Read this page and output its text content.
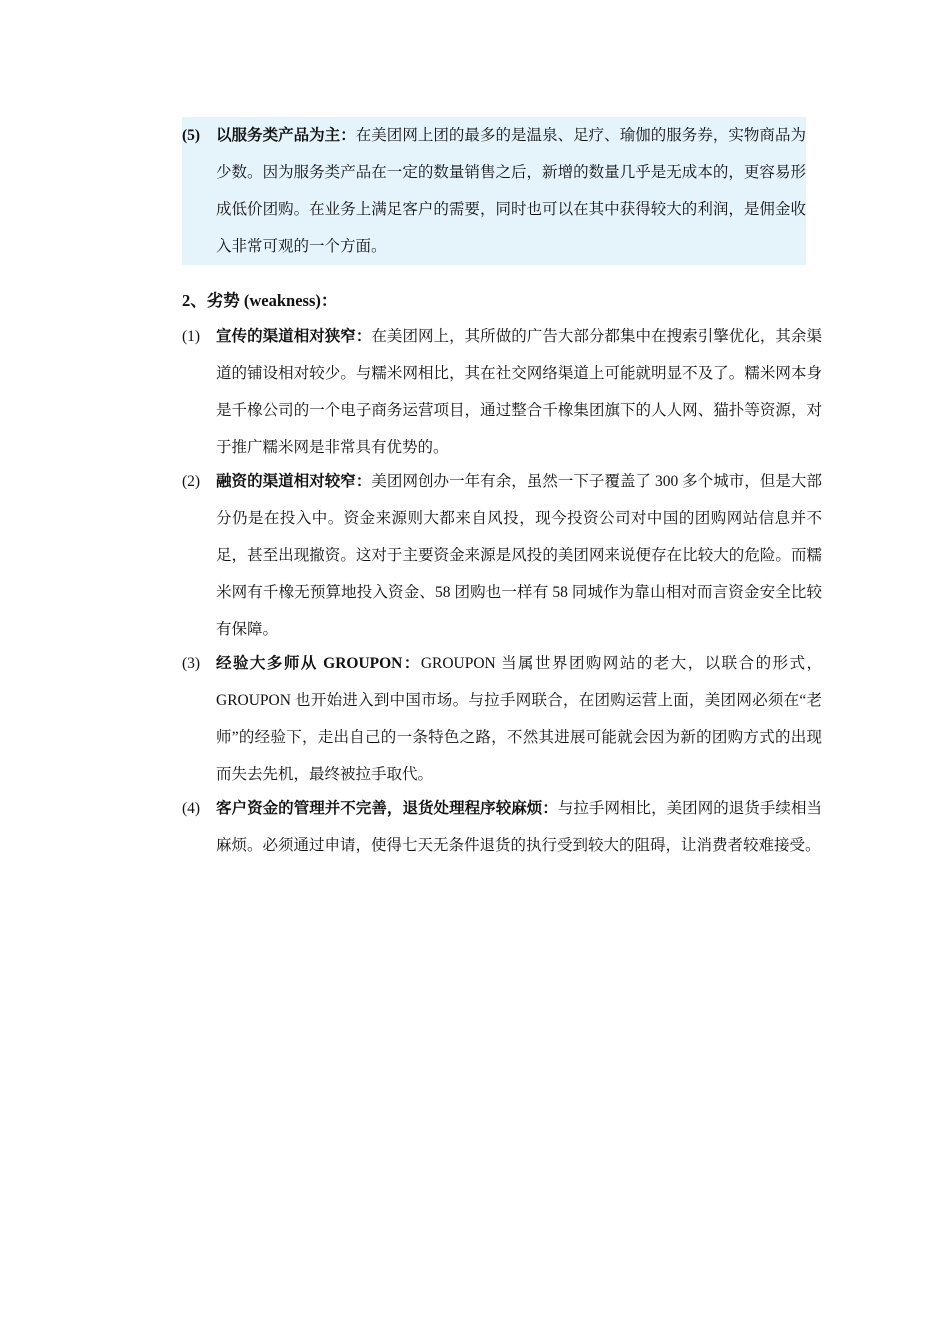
(5)	以服务类产品为主：在美团网上团的最多的是温泉、足疗、瑜伽的服务券，实物商品为少数。因为服务类产品在一定的数量销售之后，新增的数量几乎是无成本的，更容易形成低价团购。在业务上满足客户的需要，同时也可以在其中获得较大的利润，是佣金收入非常可观的一个方面。
2、劣势 (weakness)：
(1)	宣传的渠道相对狭窄：在美团网上，其所做的广告大部分都集中在搜索引擎优化，其余渠道的铺设相对较少。与糯米网相比，其在社交网络渠道上可能就明显不及了。糯米网本身是千橡公司的一个电子商务运营项目，通过整合千橡集团旗下的人人网、猫扑等资源，对于推广糯米网是非常具有优势的。
(2)	融资的渠道相对较窄：美团网创办一年有余，虽然一下子覆盖了 300 多个城市，但是大部分仍是在投入中。资金来源则大都来自风投，现今投资公司对中国的团购网站信息并不足，甚至出现撤资。这对于主要资金来源是风投的美团网来说便存在比较大的危险。而糯米网有千橡无预算地投入资金、58 团购也一样有 58 同城作为靠山相对而言资金安全比较有保障。
(3)	经验大多师从 GROUPON：GROUPON 当属世界团购网站的老大，以联合的形式，GROUPON 也开始进入到中国市场。与拉手网联合，在团购运营上面，美团网必须在“老师”的经验下，走出自己的一条特色之路，不然其进展可能就会因为新的团购方式的出现而失去先机，最终被拉手取代。
(4)	客户资金的管理并不完善，退货处理程序较麻烦：与拉手网相比，美团网的退货手续相当麻烦。必须通过申请，使得七天无条件退货的执行受到较大的阻碍，让消费者较难接受。
